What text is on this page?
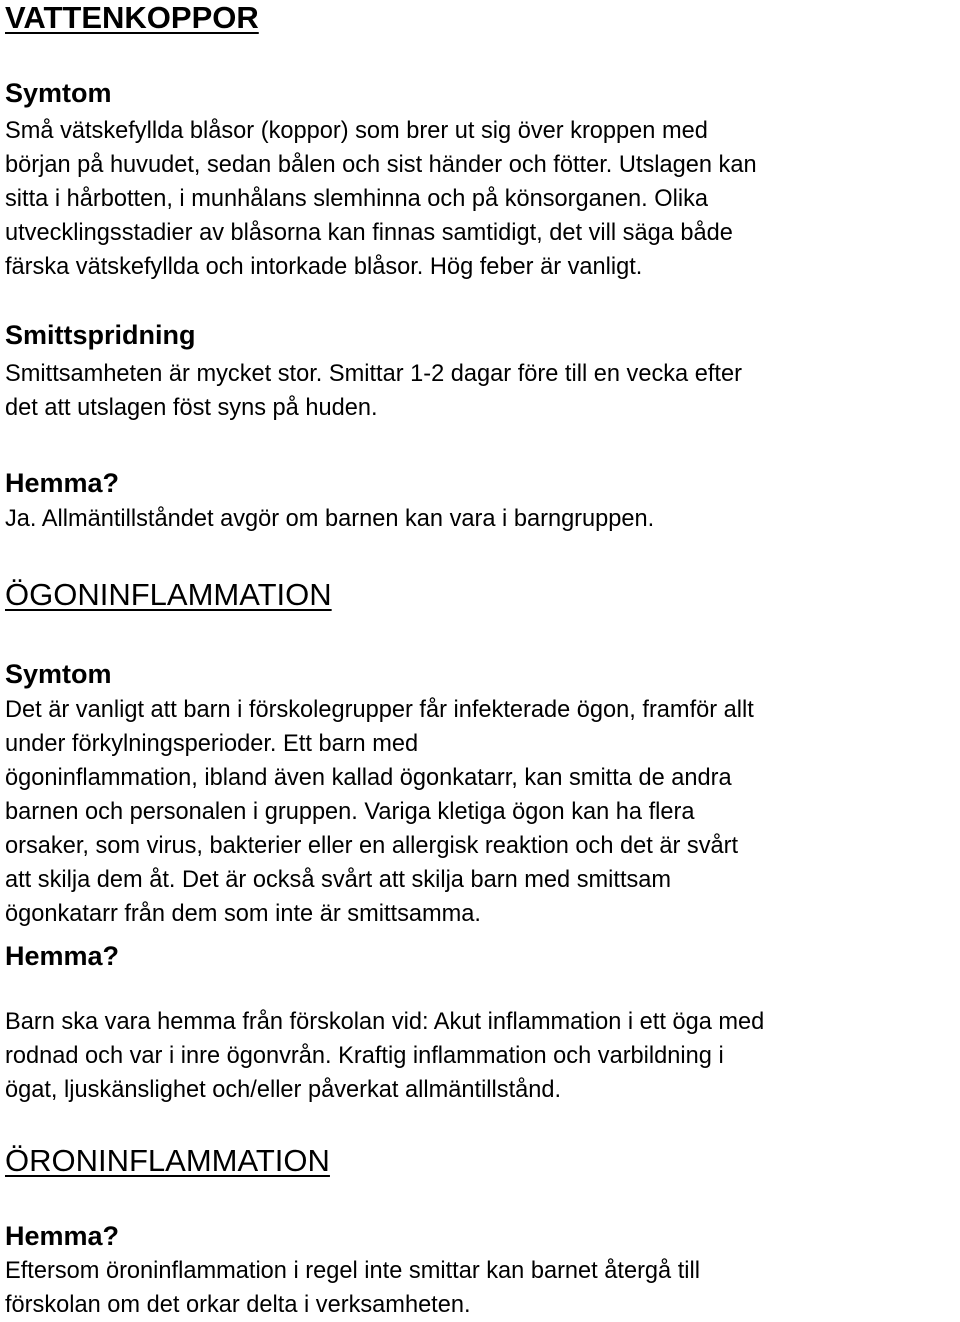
VATTENKOPPOR
Symtom
Små vätskefyllda blåsor (koppor) som brer ut sig över kroppen med
början på huvudet, sedan bålen och sist händer och fötter. Utslagen kan
sitta i hårbotten, i munhålans slemhinna och på könsorganen. Olika
utvecklingsstadier av blåsorna kan finnas samtidigt, det vill säga både
färska vätskefyllda och intorkade blåsor. Hög feber är vanligt.
Smittspridning
Smittsamheten är mycket stor. Smittar 1-2 dagar före till en vecka efter
det att utslagen föst syns på huden.
Hemma?
Ja. Allmäntillståndet avgör om barnen kan vara i barngruppen.
ÖGONINFLAMMATION
Symtom
Det är vanligt att barn i förskolegrupper får infekterade ögon, framför allt
under förkylningsperioder. Ett barn med
ögoninflammation, ibland även kallad ögonkatarr, kan smitta de andra
barnen och personalen i gruppen. Variga kletiga ögon kan ha flera
orsaker, som virus, bakterier eller en allergisk reaktion och det är svårt
att skilja dem åt. Det är också svårt att skilja barn med smittsam
ögonkatarr från dem som inte är smittsamma.
Hemma?
Barn ska vara hemma från förskolan vid: Akut inflammation i ett öga med
rodnad och var i inre ögonvrån. Kraftig inflammation och varbildning i
ögat, ljuskänslighet och/eller påverkat allmäntillstånd.
ÖRONINFLAMMATION
Hemma?
Eftersom öroninflammation i regel inte smittar kan barnet återgå till
förskolan om det orkar delta i verksamheten.
